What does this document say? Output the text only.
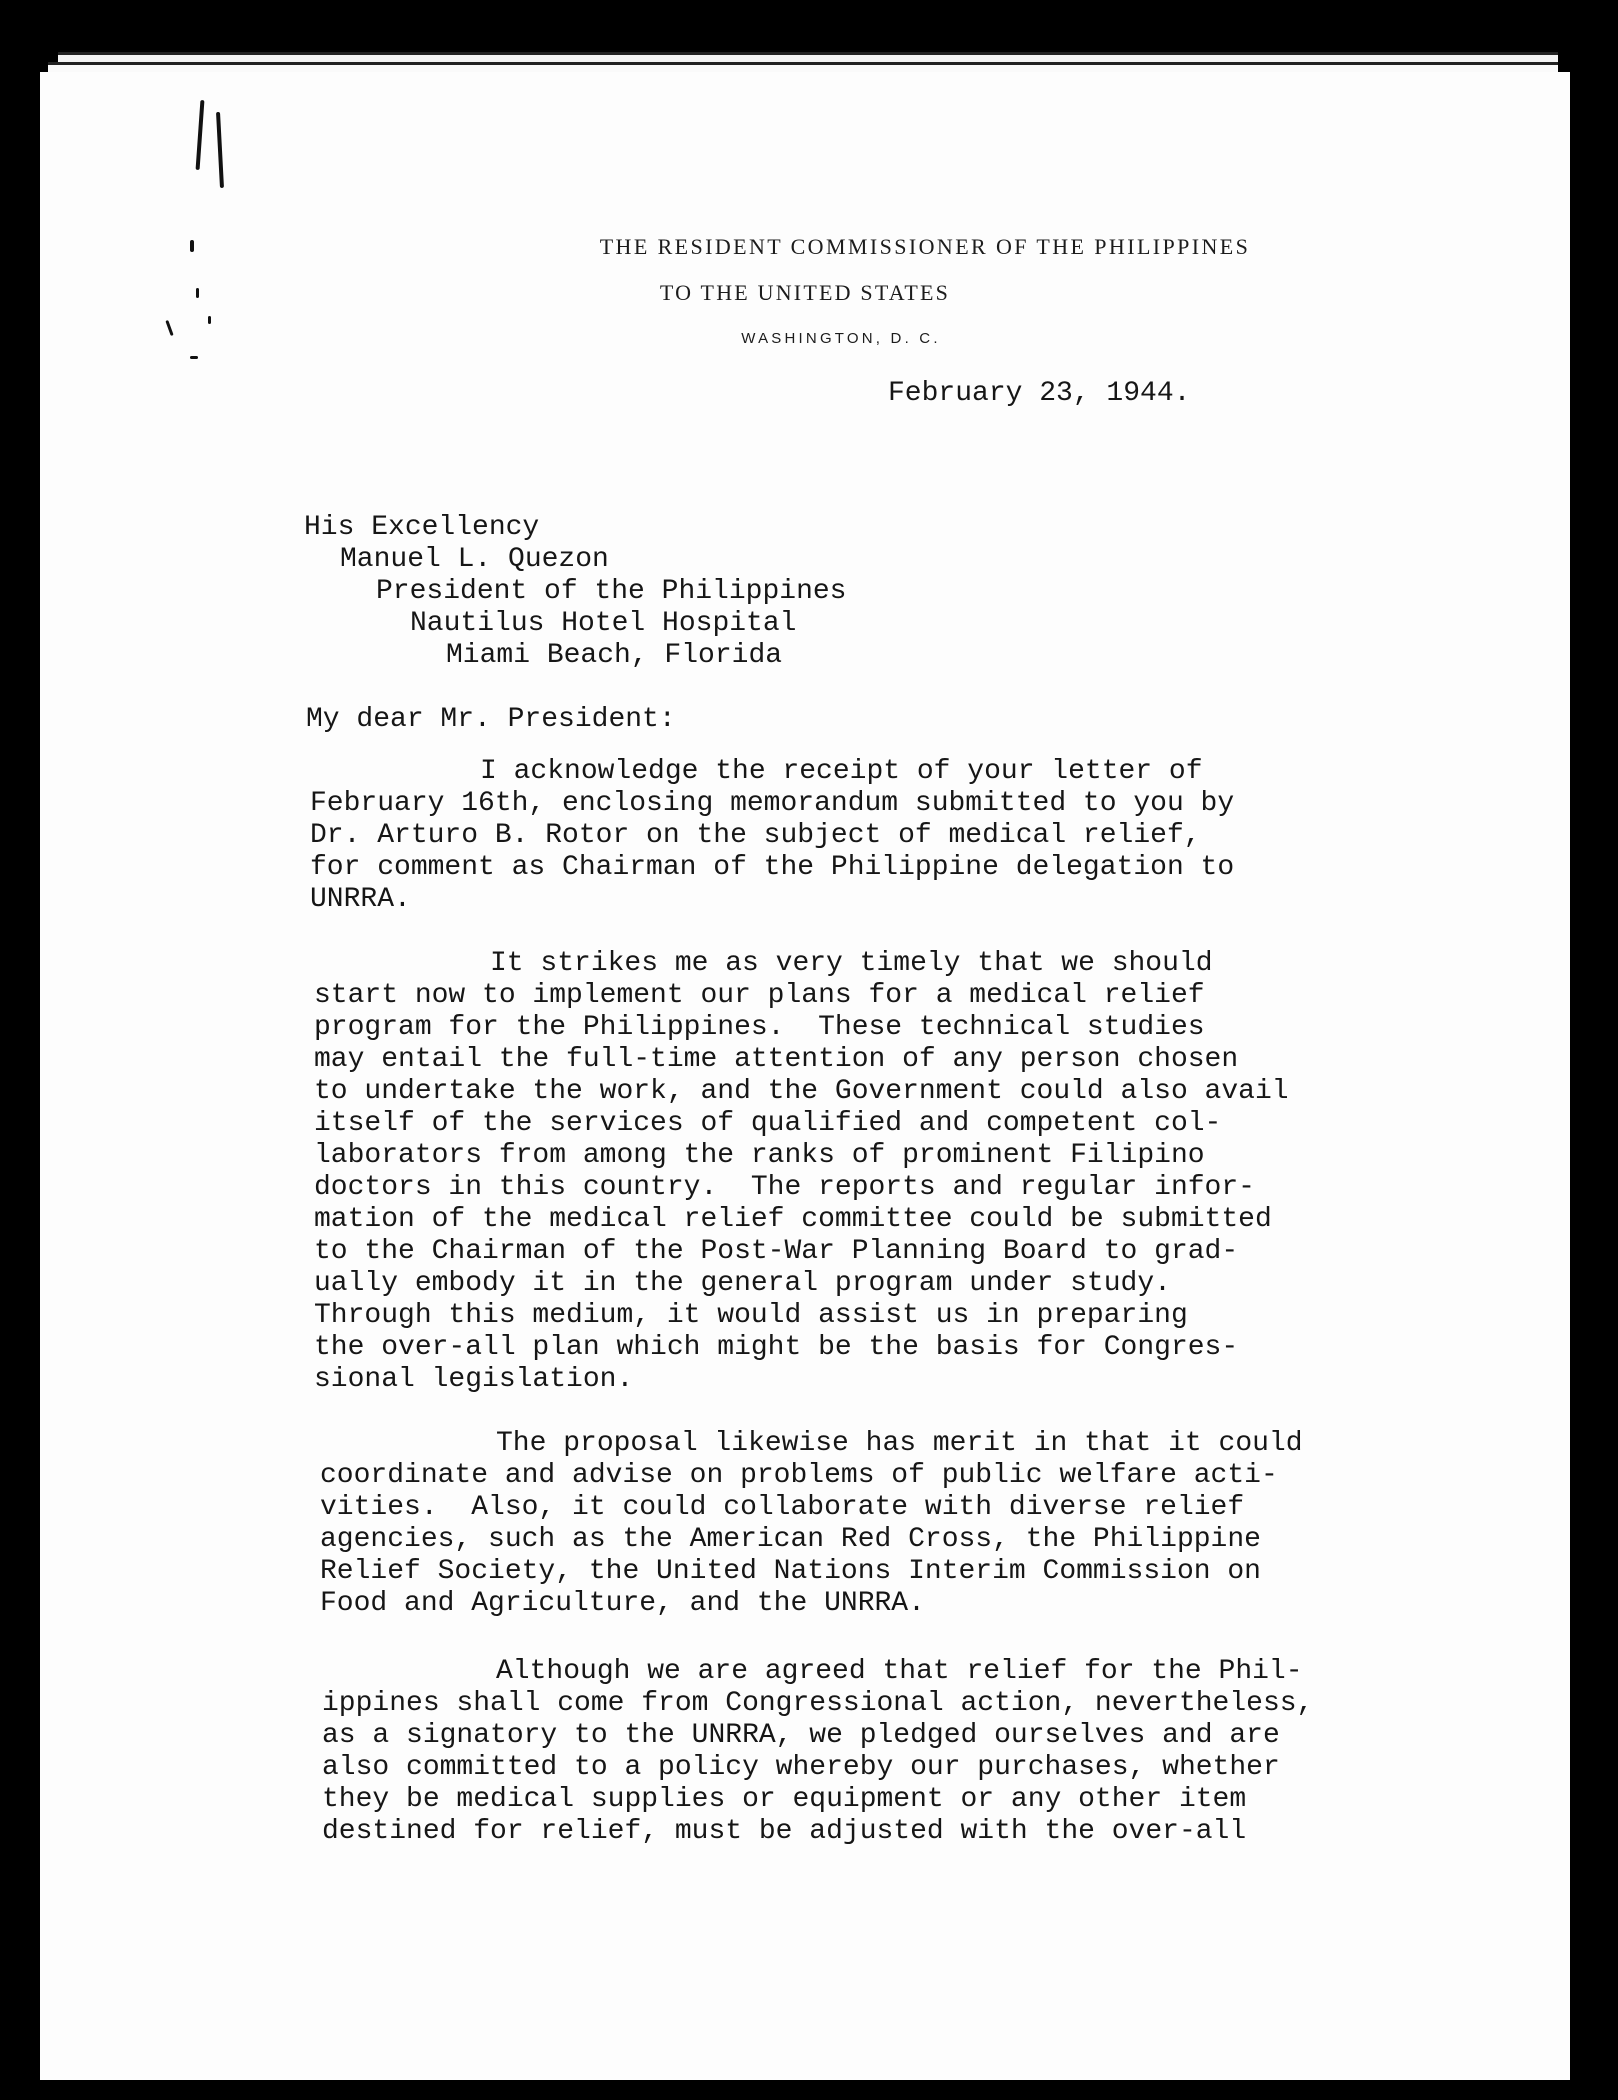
THE RESIDENT COMMISSIONER OF THE PHILIPPINES
TO THE UNITED STATES
WASHINGTON, D. C.
February 23, 1944.

His Excellency

Manuel L. Quezon

President of the Philippines

Nautilus Hotel Hospital

Miami Beach, Florida

My dear Mr. President:

I acknowledge the receipt of your letter of

February 16th, enclosing memorandum submitted to you by

Dr. Arturo B. Rotor on the subject of medical relief,

for comment as Chairman of the Philippine delegation to

UNRRA.

It strikes me as very timely that we should

start now to implement our plans for a medical relief

program for the Philippines.  These technical studies

may entail the full-time attention of any person chosen

to undertake the work, and the Government could also avail

itself of the services of qualified and competent col-

laborators from among the ranks of prominent Filipino

doctors in this country.  The reports and regular infor-

mation of the medical relief committee could be submitted

to the Chairman of the Post-War Planning Board to grad-

ually embody it in the general program under study.

Through this medium, it would assist us in preparing

the over-all plan which might be the basis for Congres-

sional legislation.

The proposal likewise has merit in that it could

coordinate and advise on problems of public welfare acti-

vities.  Also, it could collaborate with diverse relief

agencies, such as the American Red Cross, the Philippine

Relief Society, the United Nations Interim Commission on

Food and Agriculture, and the UNRRA.

Although we are agreed that relief for the Phil-

ippines shall come from Congressional action, nevertheless,

as a signatory to the UNRRA, we pledged ourselves and are

also committed to a policy whereby our purchases, whether

they be medical supplies or equipment or any other item

destined for relief, must be adjusted with the over-all
